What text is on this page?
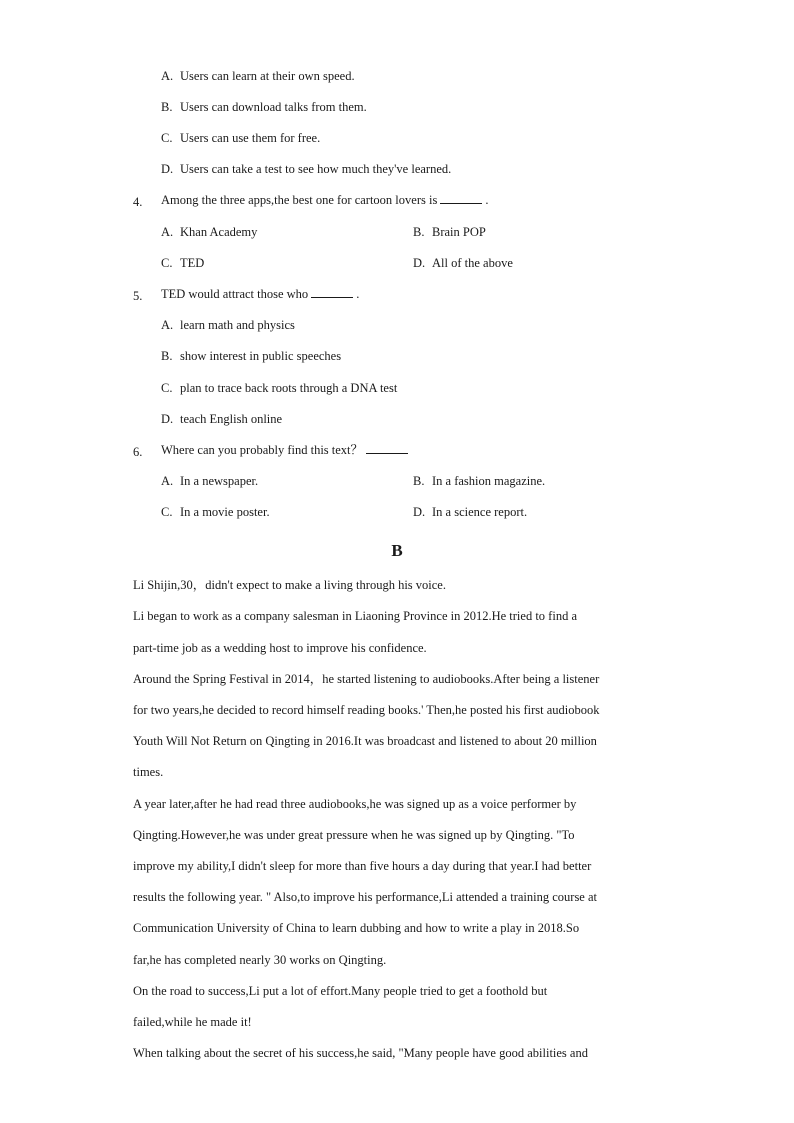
A. Users can learn at their own speed.
B. Users can download talks from them.
C. Users can use them for free.
D. Users can take a test to see how much they've learned.
4. Among the three apps,the best one for cartoon lovers is	.
A. Khan Academy	B. Brain POP
C. TED	D. All of the above
5. TED would attract those who	.
A. learn math and physics
B. show interest in public speeches
C. plan to trace back roots through a DNA test
D. teach English online
6. Where can you probably find this text？
A. In a newspaper.	B. In a fashion magazine.
C. In a movie poster.	D. In a science report.
B
Li Shijin,30，didn't expect to make a living through his voice.
Li began to work as a company salesman in Liaoning Province in 2012.He tried to find a
part-time job as a wedding host to improve his confidence.
Around the Spring Festival in 2014，he started listening to audiobooks.After being a listener
for two years,he decided to record himself reading books.' Then,he posted his first audiobook
Youth Will Not Return on Qingting in 2016.It was broadcast and listened to about 20 million
times.
A year later,after he had read three audiobooks,he was signed up as a voice performer by
Qingting.However,he was under great pressure when he was signed up by Qingting. "To
improve my ability,I didn't sleep for more than five hours a day during that year.I had better
results the following year. " Also,to improve his performance,Li attended a training course at
Communication University of China to learn dubbing and how to write a play in 2018.So
far,he has completed nearly 30 works on Qingting.
On the road to success,Li put a lot of effort.Many people tried to get a foothold but
failed,while he made it!
When talking about the secret of his success,he said, "Many people have good abilities and
